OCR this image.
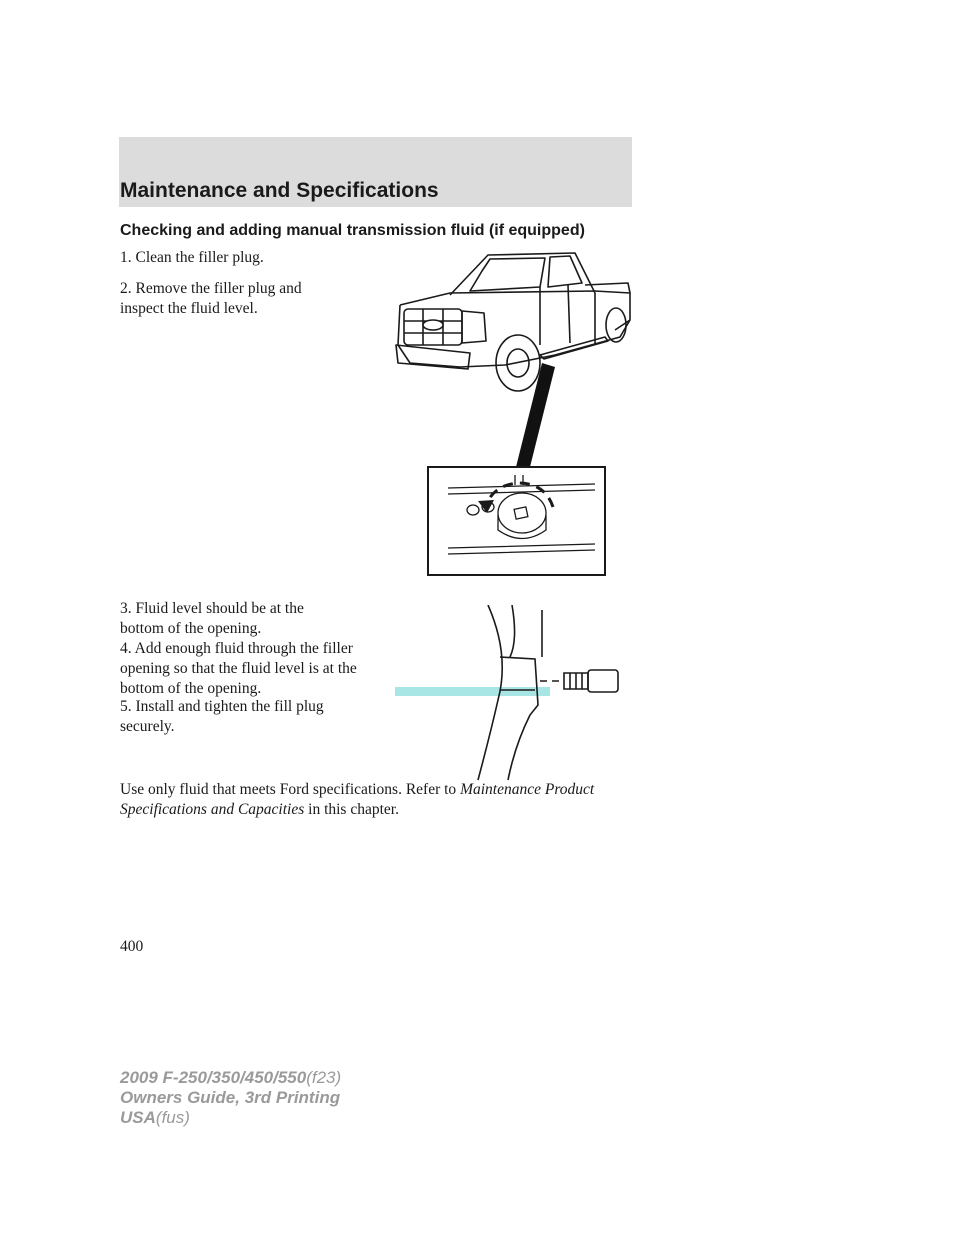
Maintenance and Specifications
Checking and adding manual transmission fluid (if equipped)

1. Clean the filler plug.

2. Remove the filler plug and inspect the fluid level.

3. Fluid level should be at the bottom of the opening.

4. Add enough fluid through the filler opening so that the fluid level is at the bottom of the opening.

5. Install and tighten the fill plug securely.

Use only fluid that meets Ford specifications. Refer to Maintenance Product Specifications and Capacities in this chapter.

400
2009 F-250/350/450/550(f23)
Owners Guide, 3rd Printing
USA(fus)
